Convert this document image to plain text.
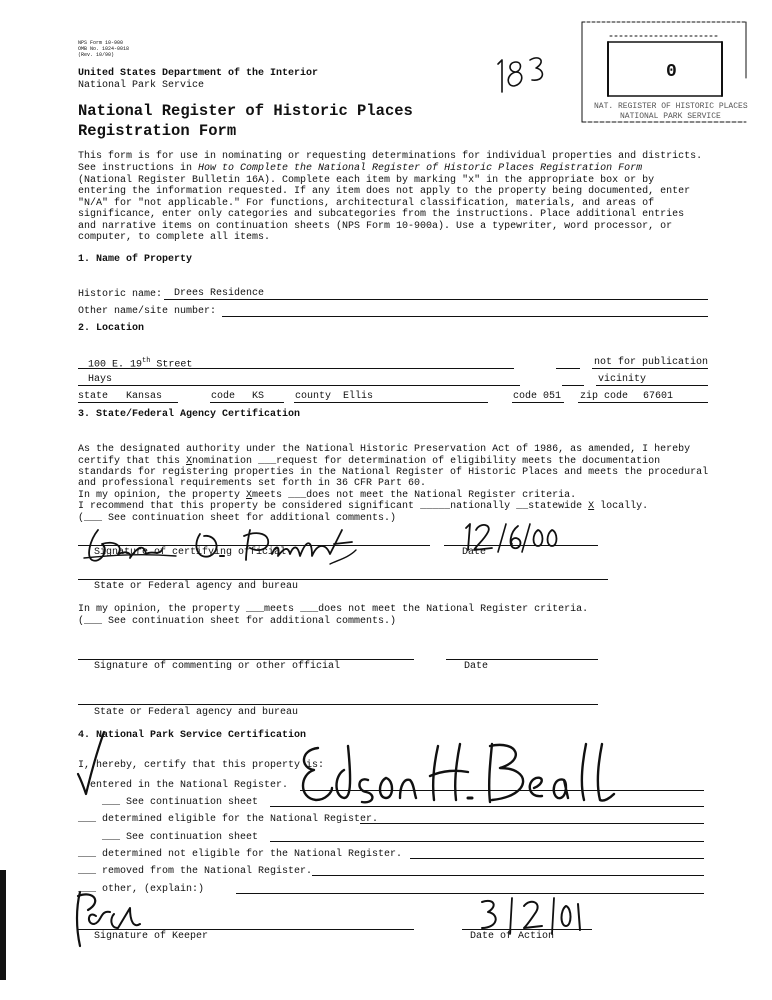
NPS Form 10-900
OMB No. 1024-0018
(Rev. 10/90)
United States Department of the Interior
National Park Service
National Register of Historic Places
Registration Form
0
NAT. REGISTER OF HISTORIC PLACES
NATIONAL PARK SERVICE
This form is for use in nominating or requesting determinations for individual properties and districts.
See instructions in How to Complete the National Register of Historic Places Registration Form
(National Register Bulletin 16A). Complete each item by marking "x" in the appropriate box or by
entering the information requested. If any item does not apply to the property being documented, enter
"N/A" for "not applicable." For functions, architectural classification, materials, and areas of
significance, enter only categories and subcategories from the instructions. Place additional entries
and narrative items on continuation sheets (NPS Form 10-900a). Use a typewriter, word processor, or
computer, to complete all items.
1. Name of Property
Historic name: Drees Residence
Other name/site number:
2. Location
100 E. 19th Street	not for publication
Hays	vicinity
state Kansas	code KS	county Ellis	code 051 zip code 67601
3. State/Federal Agency Certification
As the designated authority under the National Historic Preservation Act of 1986, as amended, I hereby
certify that this Xnomination ___request for determination of eligibility meets the documentation
standards for registering properties in the National Register of Historic Places and meets the procedural
and professional requirements set forth in 36 CFR Part 60.
In my opinion, the property Xmeets ___does not meet the National Register criteria.
I recommend that this property be considered significant _____nationally __statewide X locally.
(___ See continuation sheet for additional comments.)
Signature of certifying official	Date
State or Federal agency and bureau
In my opinion, the property ___meets ___does not meet the National Register criteria.
(___ See continuation sheet for additional comments.)
Signature of commenting or other official	Date
State or Federal agency and bureau
4. National Park Service Certification
I, hereby, certify that this property is:
entered in the National Register.
___ See continuation sheet
___ determined eligible for the National Register.
___ See continuation sheet
___ determined not eligible for the National Register.
___ removed from the National Register.
___ other, (explain:)
Signature of Keeper	Date of Action
